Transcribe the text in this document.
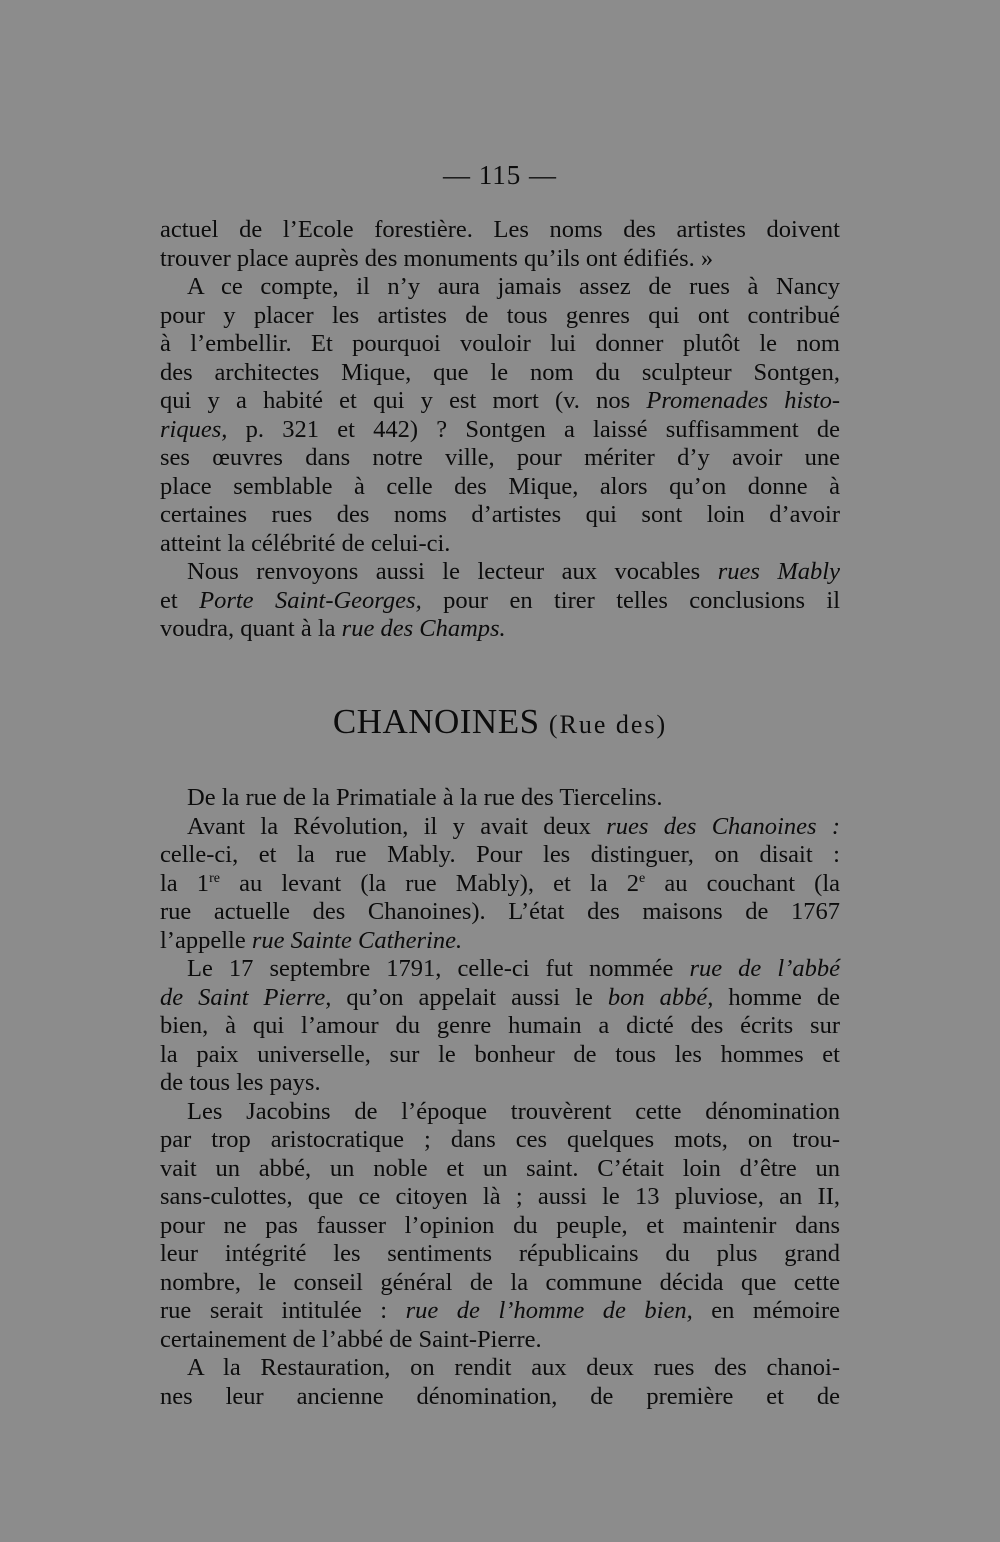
— 115 —
actuel de l’Ecole forestière. Les noms des artistes doivent
trouver place auprès des monuments qu’ils ont édifiés. »
A ce compte, il n’y aura jamais assez de rues à Nancy
pour y placer les artistes de tous genres qui ont contribué
à l’embellir. Et pourquoi vouloir lui donner plutôt le nom
des architectes Mique, que le nom du sculpteur Sontgen,
qui y a habité et qui y est mort (v. nos Promenades histo-
riques, p. 321 et 442) ? Sontgen a laissé suffisamment de
ses œuvres dans notre ville, pour mériter d’y avoir une
place semblable à celle des Mique, alors qu’on donne à
certaines rues des noms d’artistes qui sont loin d’avoir
atteint la célébrité de celui-ci.
Nous renvoyons aussi le lecteur aux vocables rues Mably
et Porte Saint-Georges, pour en tirer telles conclusions il
voudra, quant à la rue des Champs.
CHANOINES (Rue des)
De la rue de la Primatiale à la rue des Tiercelins.
Avant la Révolution, il y avait deux rues des Chanoines :
celle-ci, et la rue Mably. Pour les distinguer, on disait :
la 1re au levant (la rue Mably), et la 2e au couchant (la
rue actuelle des Chanoines). L’état des maisons de 1767
l’appelle rue Sainte Catherine.
Le 17 septembre 1791, celle-ci fut nommée rue de l’abbé
de Saint Pierre, qu’on appelait aussi le bon abbé, homme de
bien, à qui l’amour du genre humain a dicté des écrits sur
la paix universelle, sur le bonheur de tous les hommes et
de tous les pays.
Les Jacobins de l’époque trouvèrent cette dénomination
par trop aristocratique ; dans ces quelques mots, on trou-
vait un abbé, un noble et un saint. C’était loin d’être un
sans-culottes, que ce citoyen là ; aussi le 13 pluviose, an II,
pour ne pas fausser l’opinion du peuple, et maintenir dans
leur intégrité les sentiments républicains du plus grand
nombre, le conseil général de la commune décida que cette
rue serait intitulée : rue de l’homme de bien, en mémoire
certainement de l’abbé de Saint-Pierre.
A la Restauration, on rendit aux deux rues des chanoi-
nes leur ancienne dénomination, de première et de
